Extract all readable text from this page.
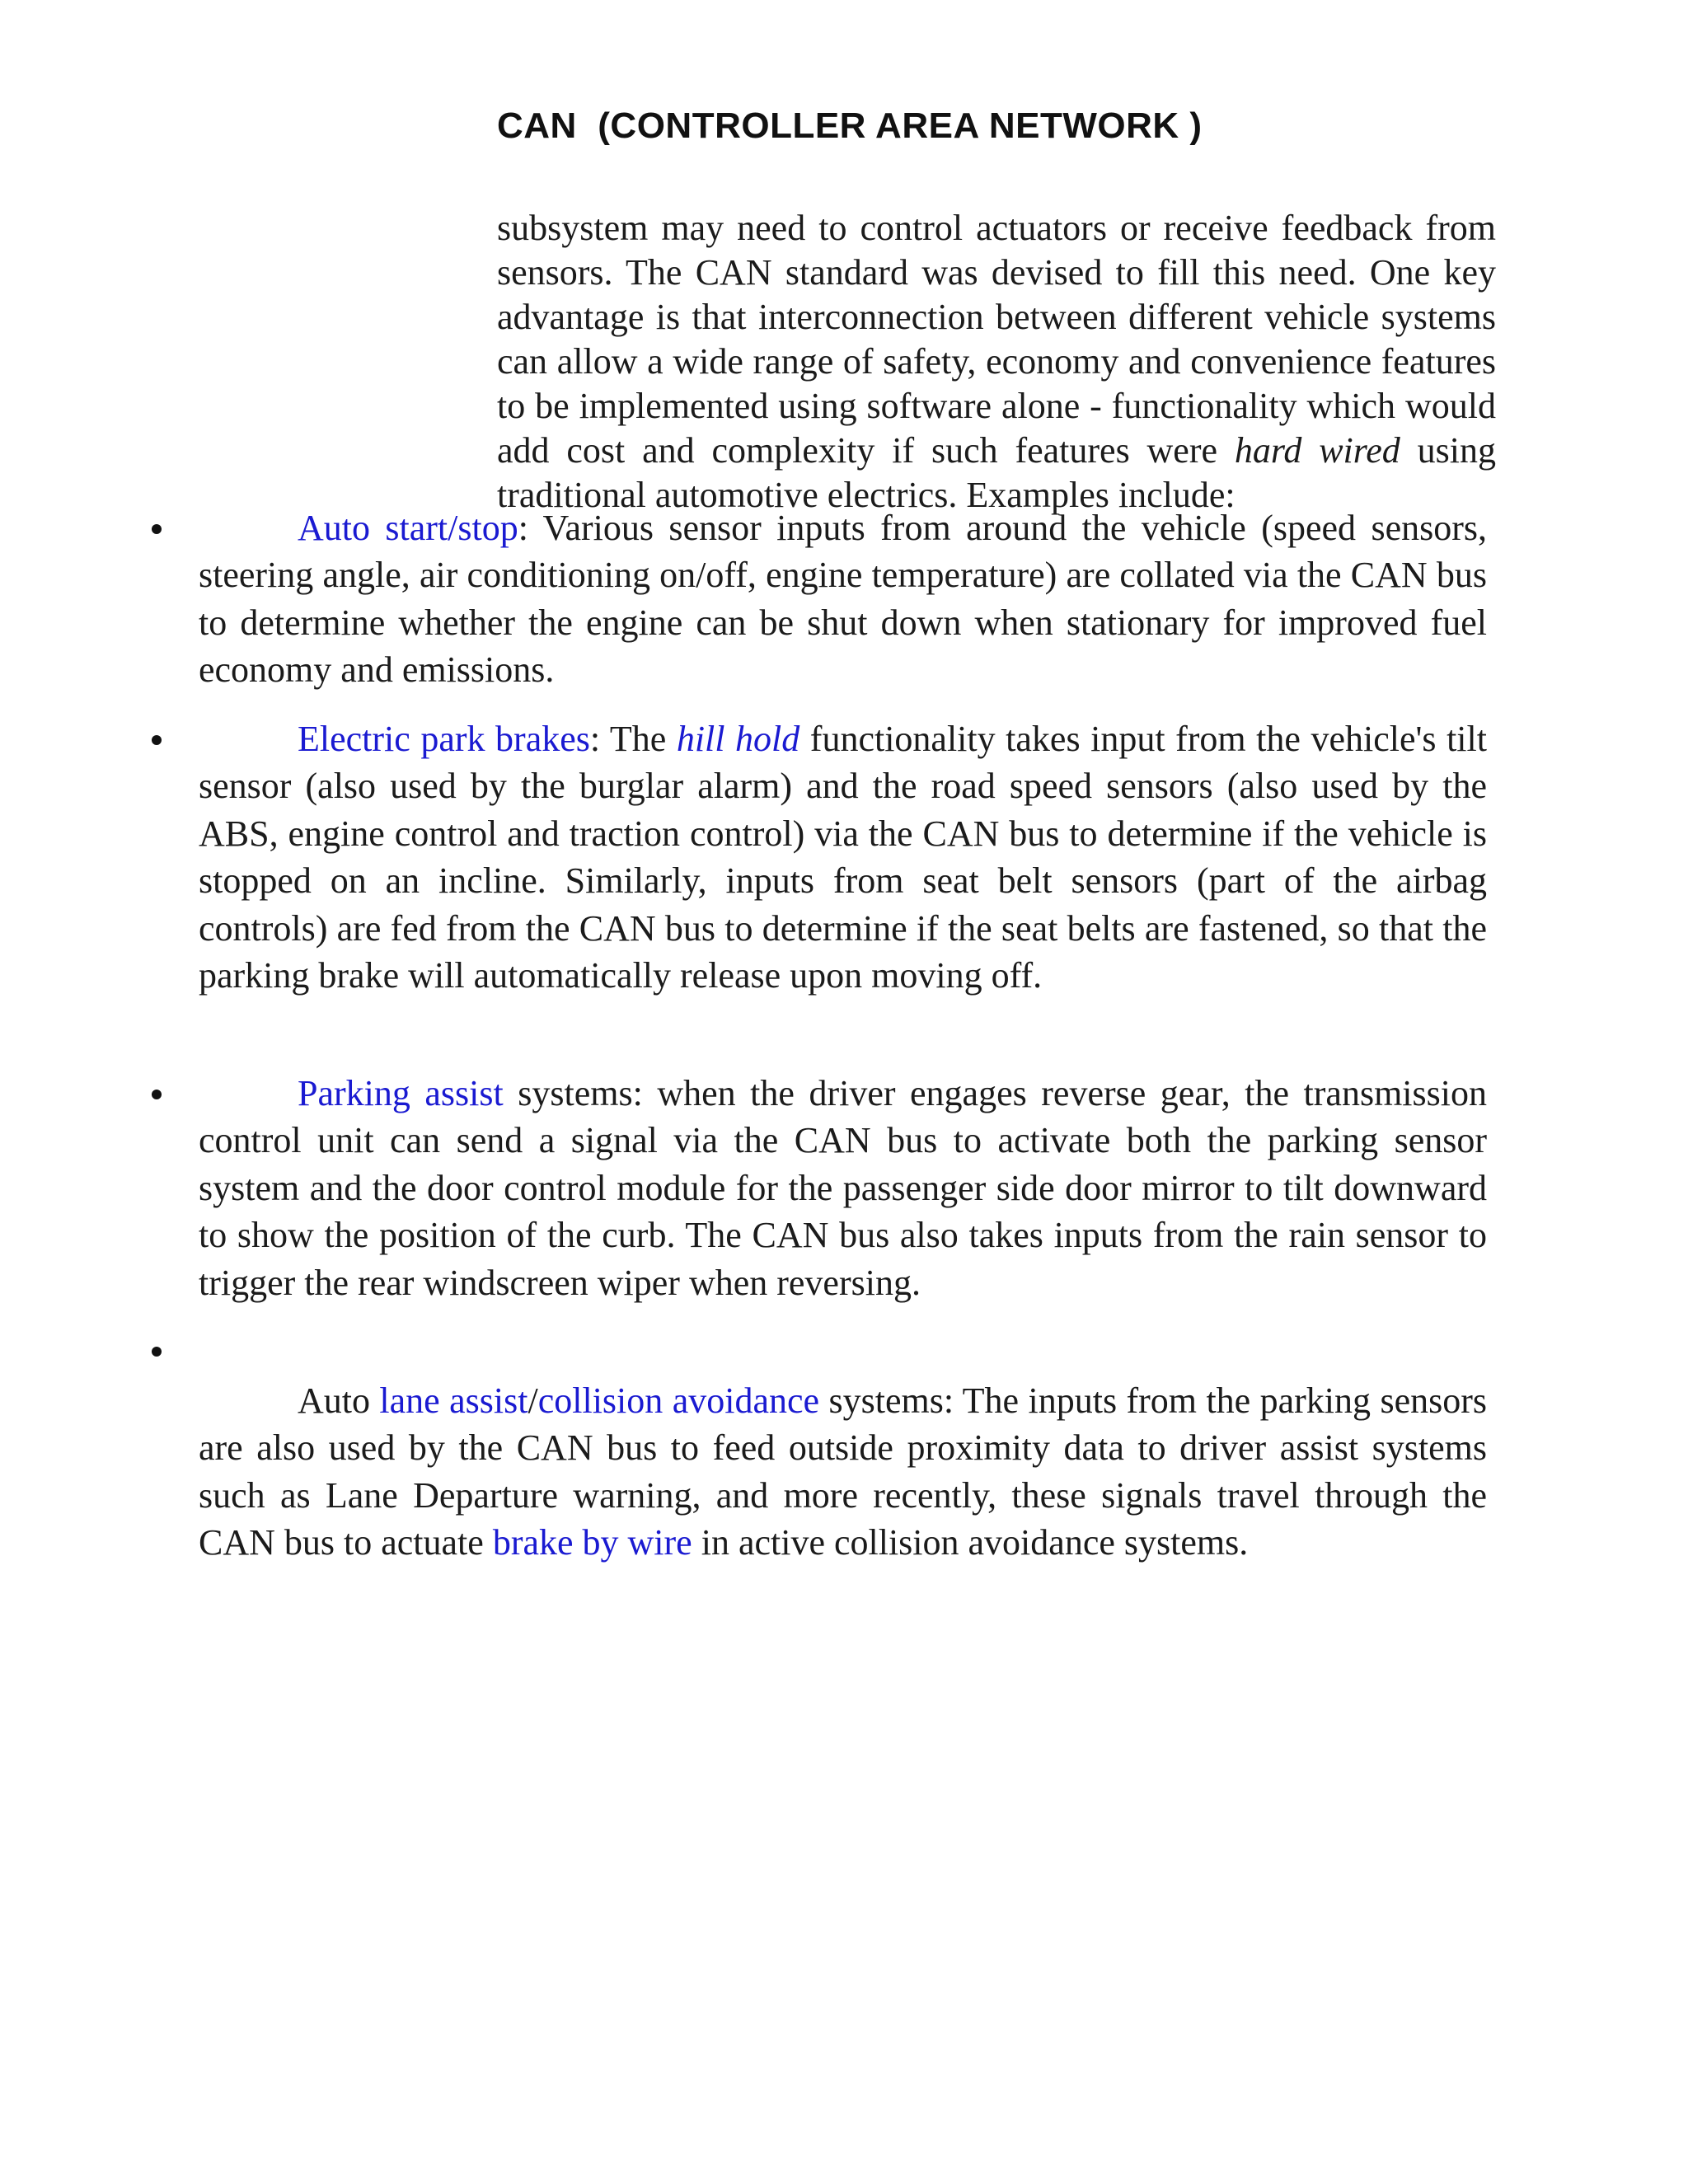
CAN  (CONTROLLER AREA NETWORK )

subsystem may need to control actuators or receive feedback from sensors. The CAN standard was devised to fill this need. One key advantage is that interconnection between different vehicle systems can allow a wide range of safety, economy and convenience features to be implemented using software alone - functionality which would add cost and complexity if such features were hard wired using traditional automotive electrics. Examples include:

Auto start/stop: Various sensor inputs from around the vehicle (speed sensors, steering angle, air conditioning on/off, engine temperature) are collated via the CAN bus to determine whether the engine can be shut down when stationary for improved fuel economy and emissions.

Electric park brakes: The hill hold functionality takes input from the vehicle's tilt sensor (also used by the burglar alarm) and the road speed sensors (also used by the ABS, engine control and traction control) via the CAN bus to determine if the vehicle is stopped on an incline. Similarly, inputs from seat belt sensors (part of the airbag controls) are fed from the CAN bus to determine if the seat belts are fastened, so that the parking brake will automatically release upon moving off.

Parking assist systems: when the driver engages reverse gear, the transmission control unit can send a signal via the CAN bus to activate both the parking sensor system and the door control module for the passenger side door mirror to tilt downward to show the position of the curb. The CAN bus also takes inputs from the rain sensor to trigger the rear windscreen wiper when reversing.

Auto lane assist/collision avoidance systems: The inputs from the parking sensors are also used by the CAN bus to feed outside proximity data to driver assist systems such as Lane Departure warning, and more recently, these signals travel through the CAN bus to actuate brake by wire in active collision avoidance systems.
